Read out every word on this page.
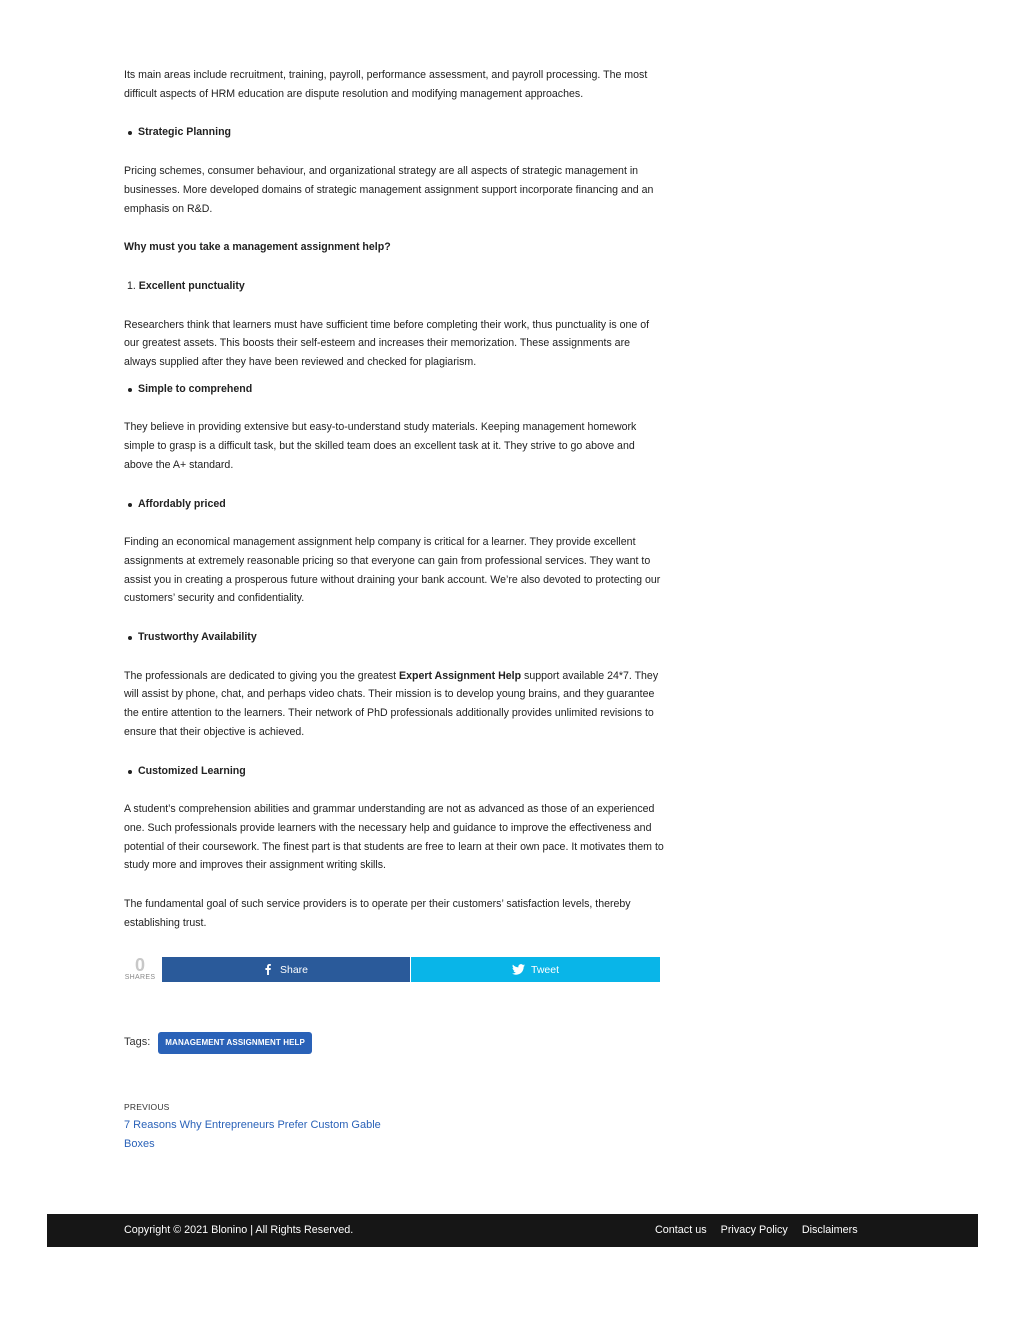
Its main areas include recruitment, training, payroll, performance assessment, and payroll processing. The most difficult aspects of HRM education are dispute resolution and modifying management approaches.

Strategic Planning

Pricing schemes, consumer behaviour, and organizational strategy are all aspects of strategic management in businesses. More developed domains of strategic management assignment support incorporate financing and an emphasis on R&D.

Why must you take a management assignment help?
1. Excellent punctuality

Researchers think that learners must have sufficient time before completing their work, thus punctuality is one of our greatest assets. This boosts their self-esteem and increases their memorization. These assignments are always supplied after they have been reviewed and checked for plagiarism.

Simple to comprehend

They believe in providing extensive but easy-to-understand study materials. Keeping management homework simple to grasp is a difficult task, but the skilled team does an excellent task at it. They strive to go above and above the A+ standard.

Affordably priced

Finding an economical management assignment help company is critical for a learner. They provide excellent assignments at extremely reasonable pricing so that everyone can gain from professional services. They want to assist you in creating a prosperous future without draining your bank account. We’re also devoted to protecting our customers’ security and confidentiality.

Trustworthy Availability

The professionals are dedicated to giving you the greatest Expert Assignment Help support available 24*7. They will assist by phone, chat, and perhaps video chats. Their mission is to develop young brains, and they guarantee the entire attention to the learners. Their network of PhD professionals additionally provides unlimited revisions to ensure that their objective is achieved.

Customized Learning

A student’s comprehension abilities and grammar understanding are not as advanced as those of an experienced one. Such professionals provide learners with the necessary help and guidance to improve the effectiveness and potential of their coursework. The finest part is that students are free to learn at their own pace. It motivates them to study more and improves their assignment writing skills.

The fundamental goal of such service providers is to operate per their customers’ satisfaction levels, thereby establishing trust.

0
SHARES
Share	Tweet
Tags:	MANAGEMENT ASSIGNMENT HELP
PREVIOUS
7 Reasons Why Entrepreneurs Prefer Custom Gable Boxes
Copyright © 2021 Blonino | All Rights Reserved.	Contact us Privacy Policy Disclaimers
